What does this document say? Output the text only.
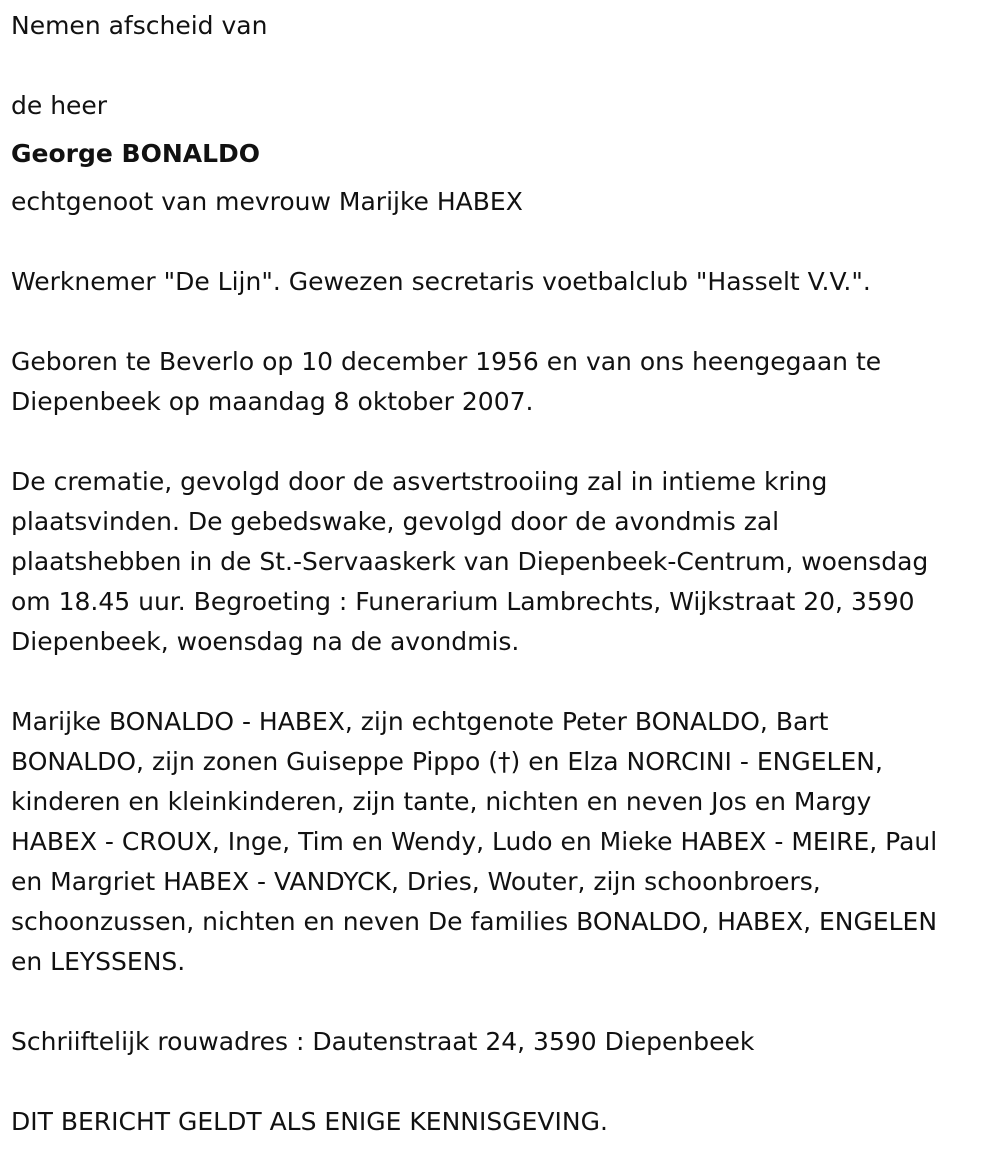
Nemen afscheid van

de heer

George BONALDO

echtgenoot van mevrouw Marijke HABEX

Werknemer "De Lijn". Gewezen secretaris voetbalclub "Hasselt V.V.".

Geboren te Beverlo op 10 december 1956 en van ons heengegaan te

Diepenbeek op maandag 8 oktober 2007.

De crematie, gevolgd door de asvertstrooiing zal in intieme kring

plaatsvinden. De gebedswake, gevolgd door de avondmis zal

plaatshebben in de St.-Servaaskerk van Diepenbeek-Centrum, woensdag

om 18.45 uur. Begroeting : Funerarium Lambrechts, Wijkstraat 20, 3590

Diepenbeek, woensdag na de avondmis.

Marijke BONALDO - HABEX, zijn echtgenote Peter BONALDO, Bart

BONALDO, zijn zonen Guiseppe Pippo (†) en Elza NORCINI - ENGELEN,

kinderen en kleinkinderen, zijn tante, nichten en neven Jos en Margy

HABEX - CROUX, Inge, Tim en Wendy, Ludo en Mieke HABEX - MEIRE, Paul

en Margriet HABEX - VANDYCK, Dries, Wouter, zijn schoonbroers,

schoonzussen, nichten en neven De families BONALDO, HABEX, ENGELEN

en LEYSSENS.

Schriiftelijk rouwadres : Dautenstraat 24, 3590 Diepenbeek

DIT BERICHT GELDT ALS ENIGE KENNISGEVING.
